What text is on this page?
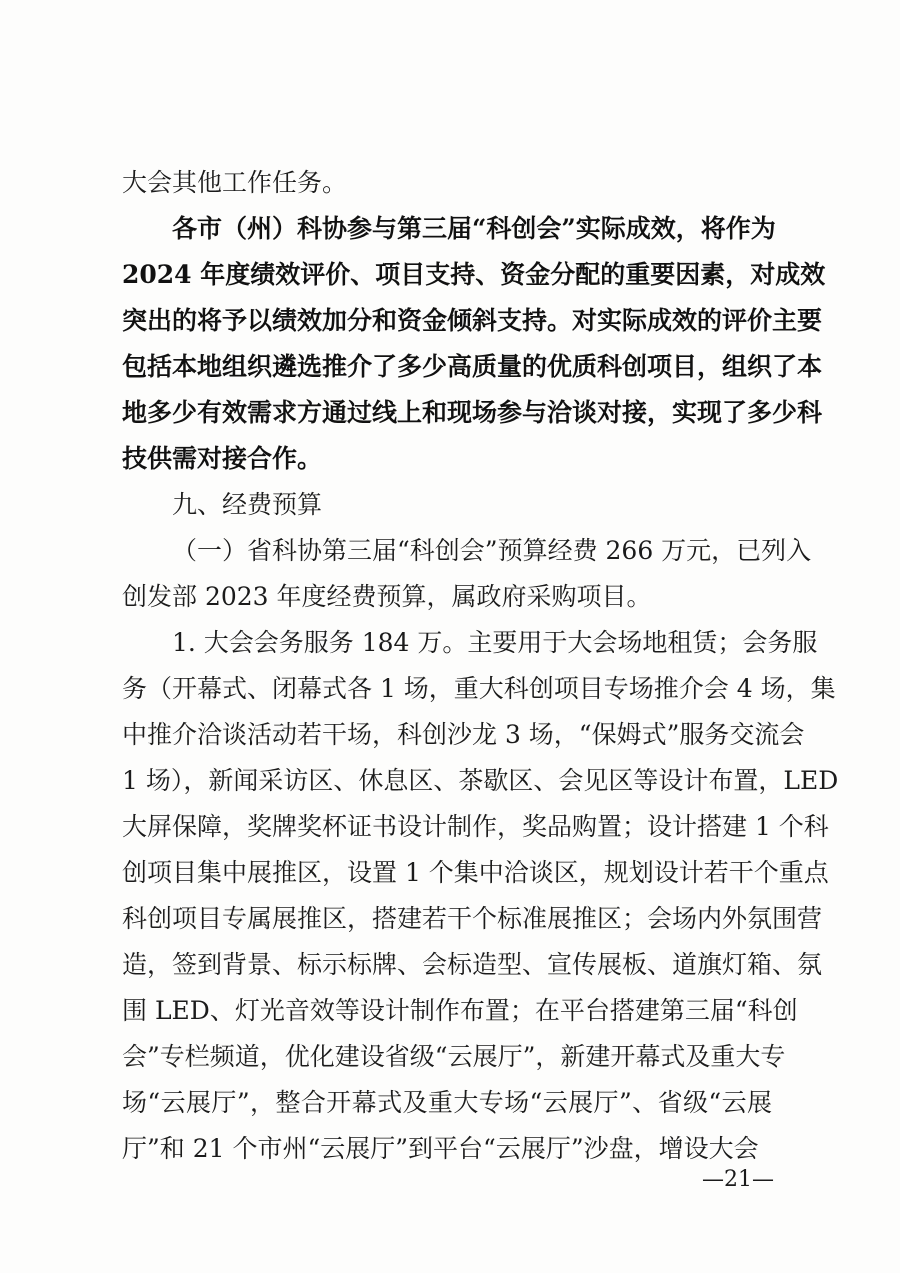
大会其他工作任务。
各市（州）科协参与第三届“科创会”实际成效，将作为
2024 年度绩效评价、项目支持、资金分配的重要因素，对成效
突出的将予以绩效加分和资金倾斜支持。对实际成效的评价主要
包括本地组织遴选推介了多少高质量的优质科创项目，组织了本
地多少有效需求方通过线上和现场参与洽谈对接，实现了多少科
技供需对接合作。
九、经费预算
（一）省科协第三届“科创会”预算经费 266 万元，已列入
创发部 2023 年度经费预算，属政府采购项目。
1. 大会会务服务 184 万。主要用于大会场地租赁；会务服
务（开幕式、闭幕式各 1 场，重大科创项目专场推介会 4 场，集
中推介洽谈活动若干场，科创沙龙 3 场，“保姆式”服务交流会
1 场），新闻采访区、休息区、茶歇区、会见区等设计布置，LED
大屏保障，奖牌奖杯证书设计制作，奖品购置；设计搭建 1 个科
创项目集中展推区，设置 1 个集中洽谈区，规划设计若干个重点
科创项目专属展推区，搭建若干个标准展推区；会场内外氛围营
造，签到背景、标示标牌、会标造型、宣传展板、道旗灯箱、氛
围 LED、灯光音效等设计制作布置；在平台搭建第三届“科创
会”专栏频道，优化建设省级“云展厅”，新建开幕式及重大专
场“云展厅”，整合开幕式及重大专场“云展厅”、省级“云展
厅”和 21 个市州“云展厅”到平台“云展厅”沙盘，增设大会
—21—
